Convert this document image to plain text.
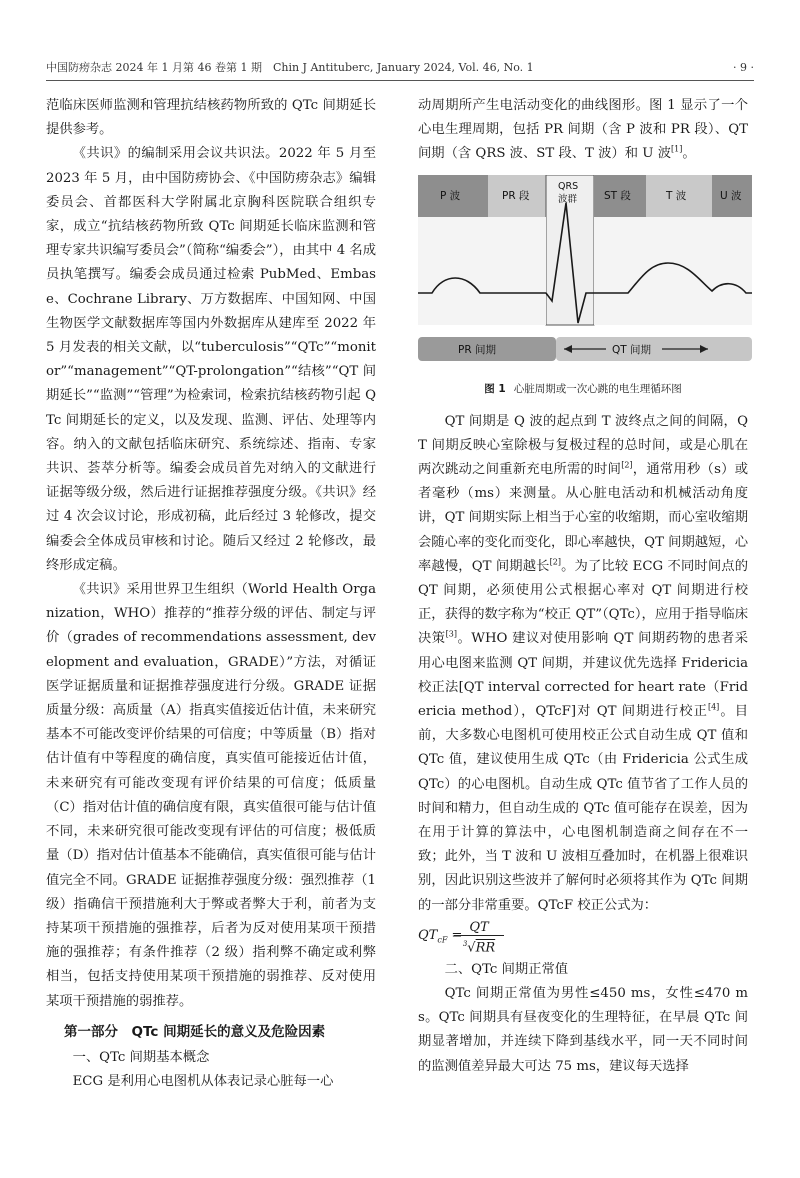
中国防痨杂志 2024 年 1 月第 46 卷第 1 期　Chin J Antituberc, January 2024, Vol. 46, No. 1	· 9 ·

范临床医师监测和管理抗结核药物所致的 QTc 间期延长提供参考。

《共识》的编制采用会议共识法。2022 年 5 月至 2023 年 5 月，由中国防痨协会、《中国防痨杂志》编辑委员会、首都医科大学附属北京胸科医院联合组织专家，成立“抗结核药物所致 QTc 间期延长临床监测和管理专家共识编写委员会”（简称“编委会”），由其中 4 名成员执笔撰写。编委会成员通过检索 PubMed、Embase、Cochrane Library、万方数据库、中国知网、中国生物医学文献数据库等国内外数据库从建库至 2022 年 5 月发表的相关文献，以“tuberculosis”“QTc”“monitor”“management”“QT-prolongation”“结核”“QT 间期延长”“监测”“管理”为检索词，检索抗结核药物引起 QTc 间期延长的定义，以及发现、监测、评估、处理等内容。纳入的文献包括临床研究、系统综述、指南、专家共识、荟萃分析等。编委会成员首先对纳入的文献进行证据等级分级，然后进行证据推荐强度分级。《共识》经过 4 次会议讨论，形成初稿，此后经过 3 轮修改，提交编委会全体成员审核和讨论。随后又经过 2 轮修改，最终形成定稿。

《共识》采用世界卫生组织（World Health Organization，WHO）推荐的“推荐分级的评估、制定与评价（grades of recommendations assessment, development and evaluation，GRADE）”方法，对循证医学证据质量和证据推荐强度进行分级。GRADE 证据质量分级：高质量（A）指真实值接近估计值，未来研究基本不可能改变评价结果的可信度；中等质量（B）指对估计值有中等程度的确信度，真实值可能接近估计值，未来研究有可能改变现有评价结果的可信度；低质量（C）指对估计值的确信度有限，真实值很可能与估计值不同，未来研究很可能改变现有评估的可信度；极低质量（D）指对估计值基本不能确信，真实值很可能与估计值完全不同。GRADE 证据推荐强度分级：强烈推荐（1 级）指确信干预措施利大于弊或者弊大于利，前者为支持某项干预措施的强推荐，后者为反对使用某项干预措施的强推荐；有条件推荐（2 级）指利弊不确定或利弊相当，包括支持使用某项干预措施的弱推荐、反对使用某项干预措施的弱推荐。

第一部分　QTc 间期延长的意义及危险因素

一、QTc 间期基本概念

ECG 是利用心电图机从体表记录心脏每一心

动周期所产生电活动变化的曲线图形。图 1 显示了一个心电生理周期，包括 PR 间期（含 P 波和 PR 段）、QT 间期（含 QRS 波、ST 段、T 波）和 U 波[1]。

P 波	PR 段
QRS
波群	ST 段	T 波	U 波
PR 间期	QT 间期
图 1 心脏周期或一次心跳的电生理循环图

QT 间期是 Q 波的起点到 T 波终点之间的间隔，QT 间期反映心室除极与复极过程的总时间，或是心肌在两次跳动之间重新充电所需的时间[2]，通常用秒（s）或者毫秒（ms）来测量。从心脏电活动和机械活动角度讲，QT 间期实际上相当于心室的收缩期，而心室收缩期会随心率的变化而变化，即心率越快，QT 间期越短，心率越慢，QT 间期越长[2]。为了比较 ECG 不同时间点的 QT 间期，必须使用公式根据心率对 QT 间期进行校正，获得的数字称为“校正 QT”（QTc），应用于指导临床决策[3]。WHO 建议对使用影响 QT 间期药物的患者采用心电图来监测 QT 间期，并建议优先选择 Fridericia 校正法[QT interval corrected for heart rate（Fridericia method），QTcF]对 QT 间期进行校正[4]。目前，大多数心电图机可使用校正公式自动生成 QT 值和 QTc 值，建议使用生成 QTc（由 Fridericia 公式生成 QTc）的心电图机。自动生成 QTc 值节省了工作人员的时间和精力，但自动生成的 QTc 值可能存在误差，因为在用于计算的算法中，心电图机制造商之间存在不一致；此外，当 T 波和 U 波相互叠加时，在机器上很难识别，因此识别这些波并了解何时必须将其作为 QTc 间期的一部分非常重要。QTcF 校正公式为：

$QT_{cF}$ =
$\frac{QT}{^3√RR}$

二、QTc 间期正常值

QTc 间期正常值为男性≤450 ms，女性≤470 ms。QTc 间期具有昼夜变化的生理特征，在早晨 QTc 间期显著增加，并连续下降到基线水平，同一天不同时间的监测值差异最大可达 75 ms，建议每天选择
